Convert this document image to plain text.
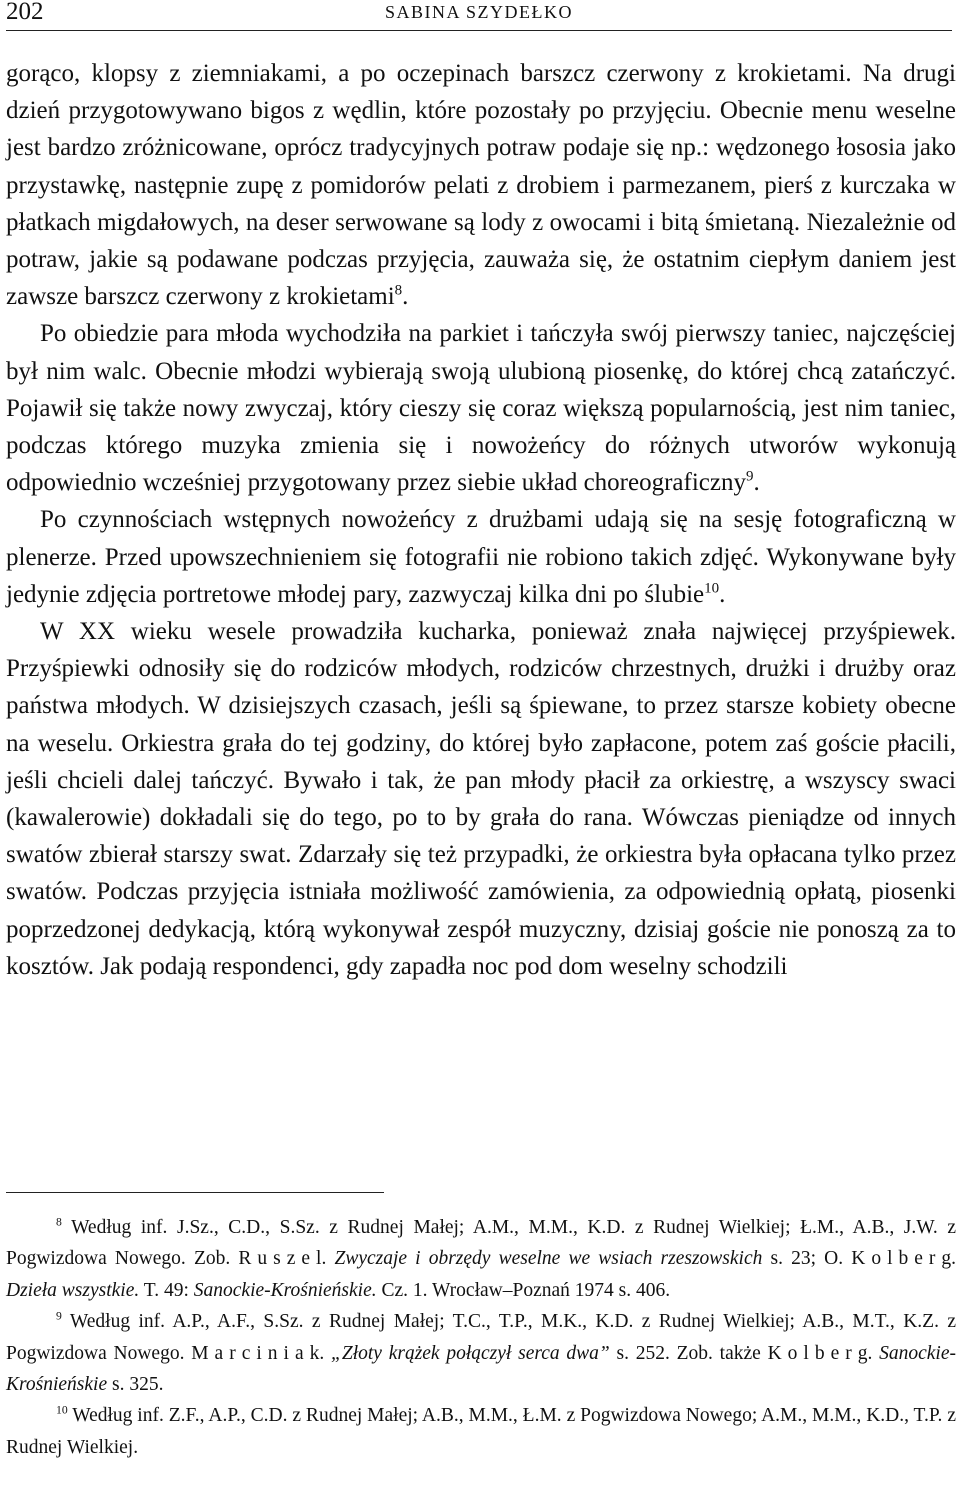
202	SABINA SZYDEŁKO

gorąco, klopsy z ziemniakami, a po oczepinach barszcz czerwony z krokietami. Na drugi dzień przygotowywano bigos z wędlin, które pozostały po przyjęciu. Obecnie menu weselne jest bardzo zróżnicowane, oprócz tradycyjnych potraw podaje się np.: wędzonego łososia jako przystawkę, następnie zupę z pomidorów pelati z drobiem i parmezanem, pierś z kurczaka w płatkach migdałowych, na deser serwowane są lody z owocami i bitą śmietaną. Niezależnie od potraw, jakie są podawane podczas przyjęcia, zauważa się, że ostatnim ciepłym daniem jest zawsze barszcz czerwony z krokietami$^8$.

Po obiedzie para młoda wychodziła na parkiet i tańczyła swój pierwszy taniec, najczęściej był nim walc. Obecnie młodzi wybierają swoją ulubioną piosenkę, do której chcą zatańczyć. Pojawił się także nowy zwyczaj, który cieszy się coraz większą popularnością, jest nim taniec, podczas którego muzyka zmienia się i nowożeńcy do różnych utworów wykonują odpowiednio wcześniej przygotowany przez siebie układ choreograficzny$^9$.

Po czynnościach wstępnych nowożeńcy z drużbami udają się na sesję fotograficzną w plenerze. Przed upowszechnieniem się fotografii nie robiono takich zdjęć. Wykonywane były jedynie zdjęcia portretowe młodej pary, zazwyczaj kilka dni po ślubie$^{10}$.

W XX wieku wesele prowadziła kucharka, ponieważ znała najwięcej przyśpiewek. Przyśpiewki odnosiły się do rodziców młodych, rodziców chrzestnych, drużki i drużby oraz państwa młodych. W dzisiejszych czasach, jeśli są śpiewane, to przez starsze kobiety obecne na weselu. Orkiestra grała do tej godziny, do której było zapłacone, potem zaś goście płacili, jeśli chcieli dalej tańczyć. Bywało i tak, że pan młody płacił za orkiestrę, a wszyscy swaci (kawalerowie) dokładali się do tego, po to by grała do rana. Wówczas pieniądze od innych swatów zbierał starszy swat. Zdarzały się też przypadki, że orkiestra była opłacana tylko przez swatów. Podczas przyjęcia istniała możliwość zamówienia, za odpowiednią opłatą, piosenki poprzedzonej dedykacją, którą wykonywał zespół muzyczny, dzisiaj goście nie ponoszą za to kosztów. Jak podają respondenci, gdy zapadła noc pod dom weselny schodzili

$^8$ Według inf. J.Sz., C.D., S.Sz. z Rudnej Małej; A.M., M.M., K.D. z Rudnej Wielkiej; Ł.M., A.B., J.W. z Pogwizdowa Nowego. Zob. Ruszel. Zwyczaje i obrzędy weselne we wsiach rzeszowskich s. 23; O. Kolberg. Dzieła wszystkie. T. 49: Sanockie-Krośnieńskie. Cz. 1. Wrocław–Poznań 1974 s. 406.

$^9$ Według inf. A.P., A.F., S.Sz. z Rudnej Małej; T.C., T.P., M.K., K.D. z Rudnej Wielkiej; A.B., M.T., K.Z. z Pogwizdowa Nowego. Marciniak. „Złoty krążek połączył serca dwa” s. 252. Zob. także Kolberg. Sanockie-Krośnieńskie s. 325.

$^{10}$ Według inf. Z.F., A.P., C.D. z Rudnej Małej; A.B., M.M., Ł.M. z Pogwizdowa Nowego; A.M., M.M., K.D., T.P. z Rudnej Wielkiej.
